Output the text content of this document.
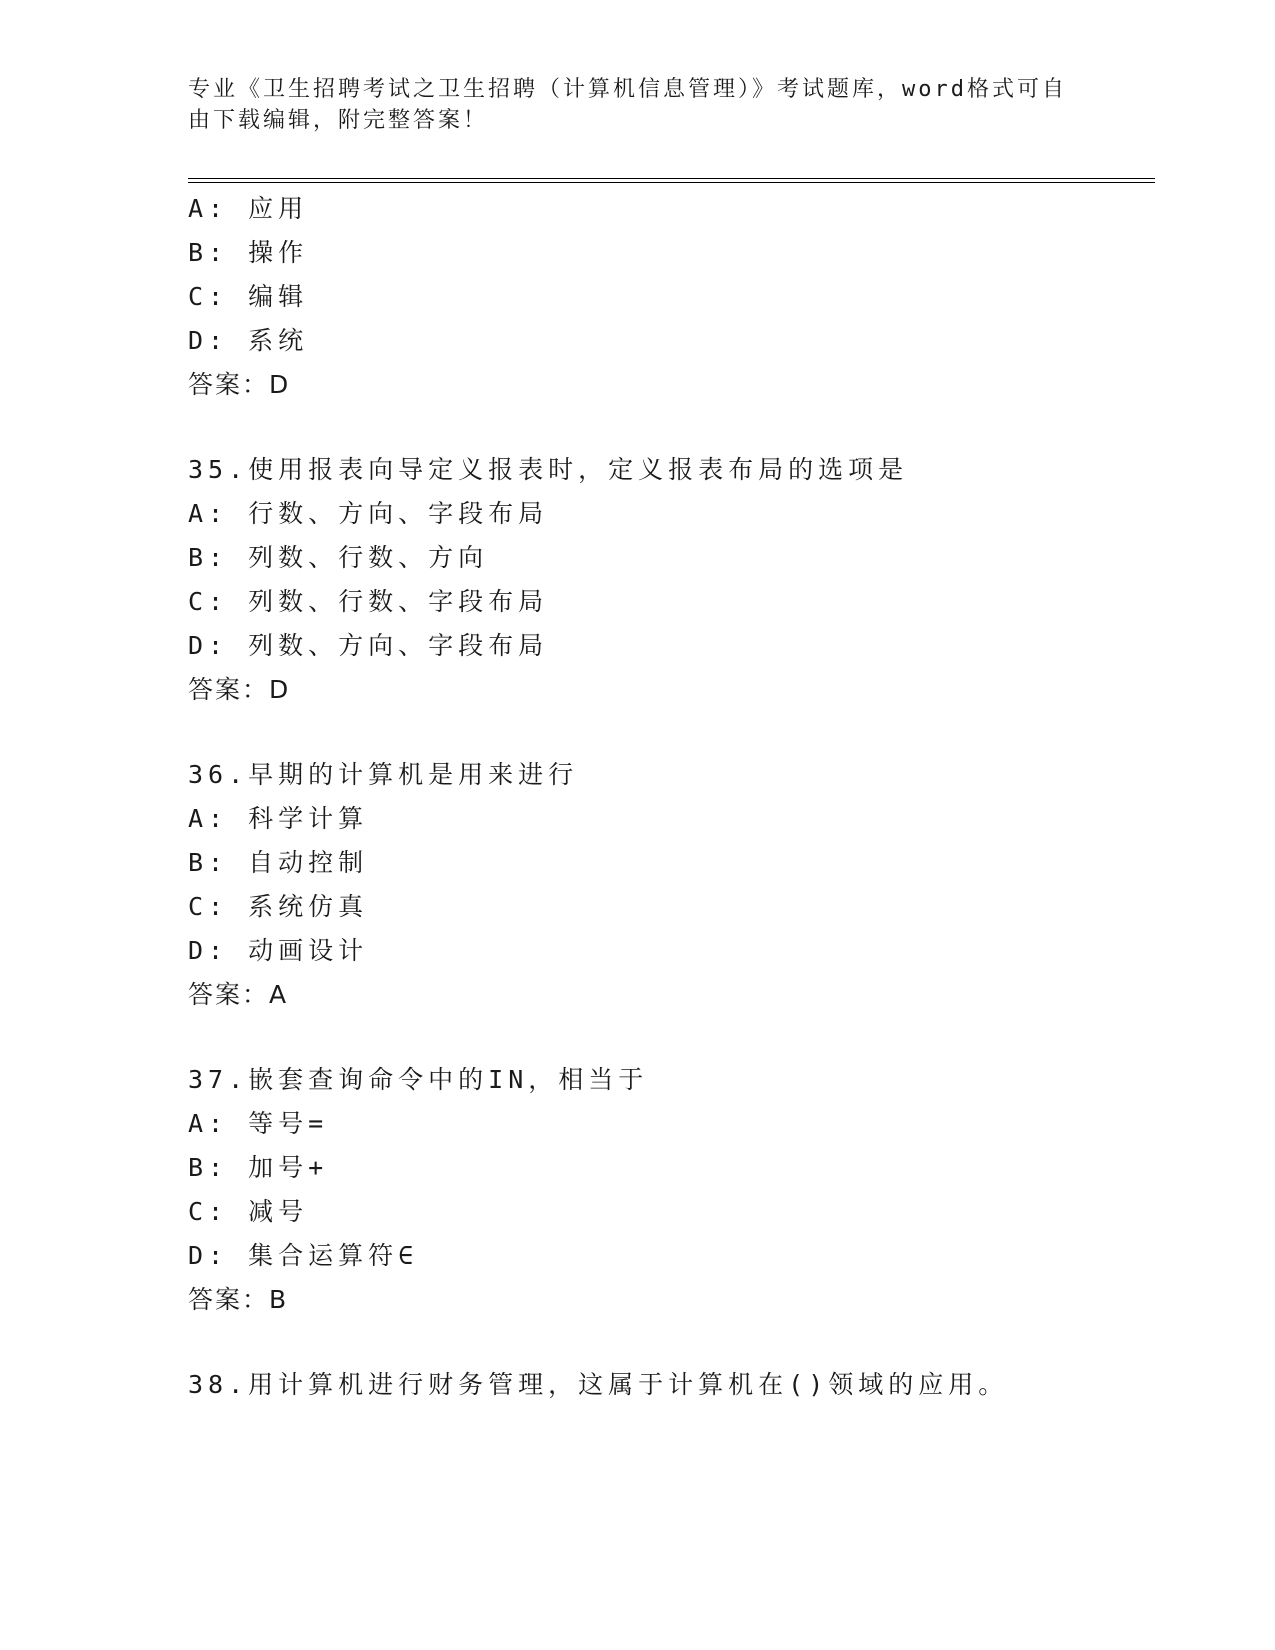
专业《卫生招聘考试之卫生招聘（计算机信息管理）》考试题库，word格式可自
由下载编辑，附完整答案！
A: 应用
B: 操作
C: 编辑
D: 系统
答案：D
35.使用报表向导定义报表时，定义报表布局的选项是
A: 行数、方向、字段布局
B: 列数、行数、方向
C: 列数、行数、字段布局
D: 列数、方向、字段布局
答案：D
36.早期的计算机是用来进行
A: 科学计算
B: 自动控制
C: 系统仿真
D: 动画设计
答案：A
37.嵌套查询命令中的IN，相当于
A: 等号=
B: 加号+
C: 减号
D: 集合运算符∈
答案：B
38.用计算机进行财务管理，这属于计算机在()领域的应用。
